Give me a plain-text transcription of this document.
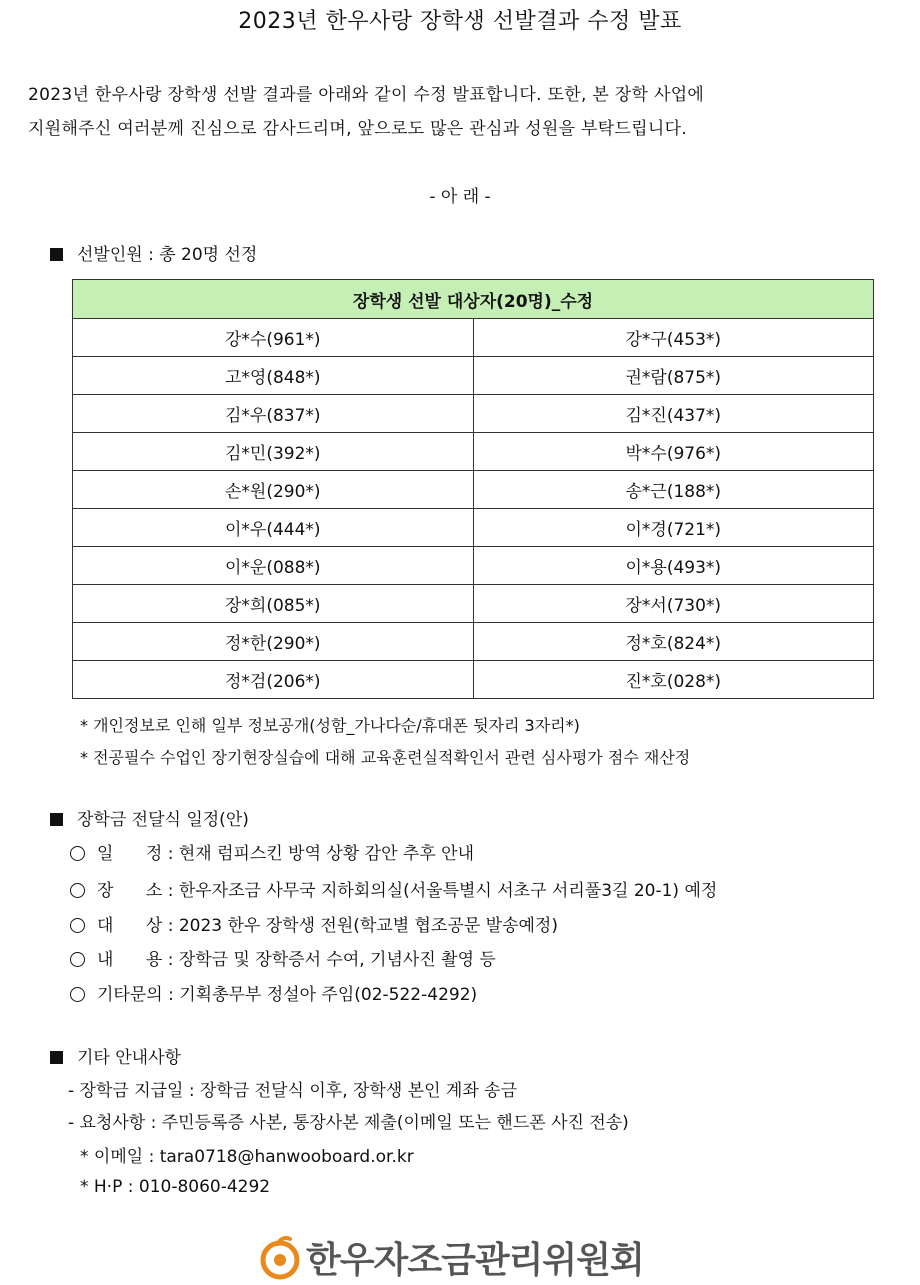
2023년 한우사랑 장학생 선발결과 수정 발표
2023년 한우사랑 장학생 선발 결과를 아래와 같이 수정 발표합니다. 또한, 본 장학 사업에
지원해주신 여러분께 진심으로 감사드리며, 앞으로도 많은 관심과 성원을 부탁드립니다.
- 아 래 -
선발인원 : 총 20명 선정
장학생 선발 대상자(20명)_수정	
강*수(961*)	강*구(453*)
고*영(848*)	권*람(875*)
김*우(837*)	김*진(437*)
김*민(392*)	박*수(976*)
손*원(290*)	송*근(188*)
이*우(444*)	이*경(721*)
이*운(088*)	이*용(493*)
장*희(085*)	장*서(730*)
정*한(290*)	정*호(824*)
정*검(206*)	진*호(028*)
* 개인정보로 인해 일부 정보공개(성함_가나다순/휴대폰 뒷자리 3자리*)
* 전공필수 수업인 장기현장실습에 대해 교육훈련실적확인서 관련 심사평가 점수 재산정
장학금 전달식 일정(안)
일      정 : 현재 럼피스킨 방역 상황 감안 추후 안내
장      소 : 한우자조금 사무국 지하회의실(서울특별시 서초구 서리풀3길 20-1) 예정
대      상 : 2023 한우 장학생 전원(학교별 협조공문 발송예정)
내      용 : 장학금 및 장학증서 수여, 기념사진 촬영 등
기타문의 : 기획총무부 정설아 주임(02-522-4292)
기타 안내사항
- 장학금 지급일 : 장학금 전달식 이후, 장학생 본인 계좌 송금
- 요청사항 : 주민등록증 사본, 통장사본 제출(이메일 또는 핸드폰 사진 전송)
* 이메일 : tara0718@hanwooboard.or.kr
* H·P : 010-8060-4292
한우자조금관리위원회
